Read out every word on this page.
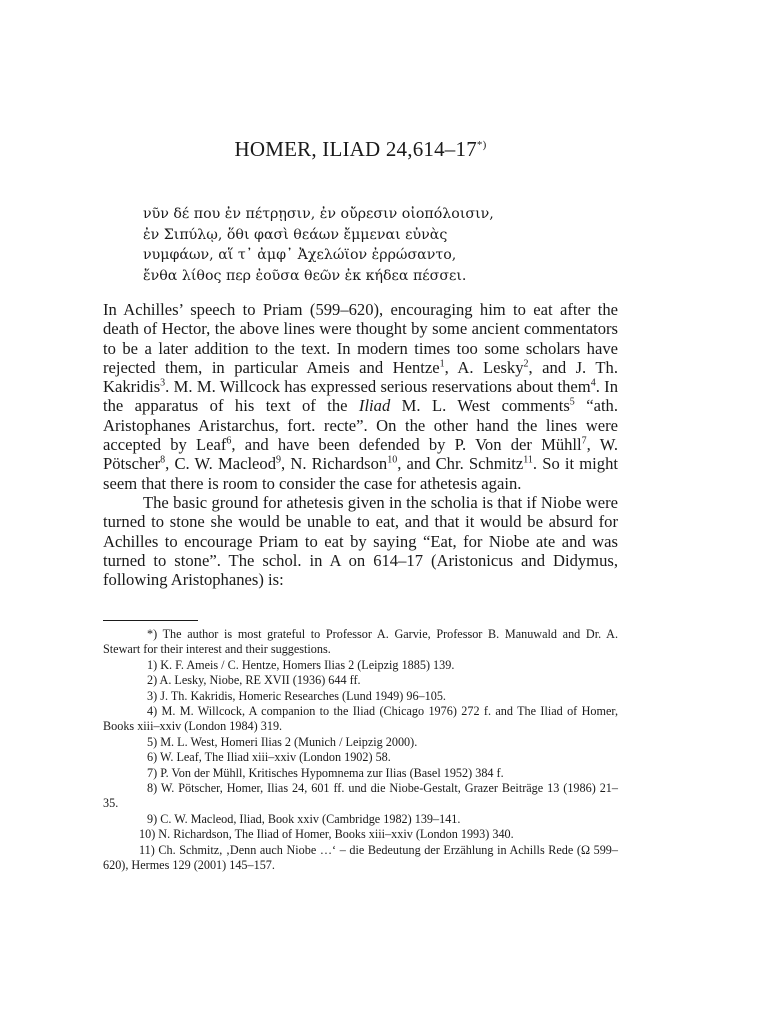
HOMER, ILIAD 24,614–17*)
νῦν δέ που ἐν πέτρῃσιν, ἐν οὔρεσιν οἰοπόλοισιν,
ἐν Σιπύλῳ, ὅθι φασὶ θεάων ἔμμεναι εὐνὰς
νυμφάων, αἵ τ᾽ ἀμφ᾽ Ἀχελώϊον ἐρρώσαντο,
ἔνθα λίθος περ ἐοῦσα θεῶν ἐκ κήδεα πέσσει.

In Achilles’ speech to Priam (599–620), encouraging him to eat after the death of Hector, the above lines were thought by some ancient commentators to be a later addition to the text. In modern times too some scholars have rejected them, in particular Ameis and Hentze$^1$, A. Lesky$^2$, and J. Th. Kakridis$^3$. M. M. Willcock has expressed serious reservations about them$^4$. In the apparatus of his text of the Iliad M. L. West comments$^5$ “ath. Aristophanes Aristarchus, fort. recte”. On the other hand the lines were accepted by Leaf$^6$, and have been defended by P. Von der Mühll$^7$, W. Pötscher$^8$, C. W. Macleod$^9$, N. Richardson$^{10}$, and Chr. Schmitz$^{11}$. So it might seem that there is room to consider the case for athetesis again.

The basic ground for athetesis given in the scholia is that if Niobe were turned to stone she would be unable to eat, and that it would be absurd for Achilles to encourage Priam to eat by saying “Eat, for Niobe ate and was turned to stone”. The schol. in A on 614–17 (Aristonicus and Didymus, following Aristophanes) is:

*) The author is most grateful to Professor A. Garvie, Professor B. Manuwald and Dr. A. Stewart for their interest and their suggestions.
1) K. F. Ameis / C. Hentze, Homers Ilias 2 (Leipzig 1885) 139.
2) A. Lesky, Niobe, RE XVII (1936) 644 ff.
3) J. Th. Kakridis, Homeric Researches (Lund 1949) 96–105.
4) M. M. Willcock, A companion to the Iliad (Chicago 1976) 272 f. and The Iliad of Homer, Books xiii–xxiv (London 1984) 319.
5) M. L. West, Homeri Ilias 2 (Munich / Leipzig 2000).
6) W. Leaf, The Iliad xiii–xxiv (London 1902) 58.
7) P. Von der Mühll, Kritisches Hypomnema zur Ilias (Basel 1952) 384 f.
8) W. Pötscher, Homer, Ilias 24, 601 ff. und die Niobe-Gestalt, Grazer Beiträge 13 (1986) 21–35.
9) C. W. Macleod, Iliad, Book xxiv (Cambridge 1982) 139–141.
10) N. Richardson, The Iliad of Homer, Books xiii–xxiv (London 1993) 340.
11) Ch. Schmitz, ‚Denn auch Niobe …‘ – die Bedeutung der Erzählung in Achills Rede (Ω 599–620), Hermes 129 (2001) 145–157.
